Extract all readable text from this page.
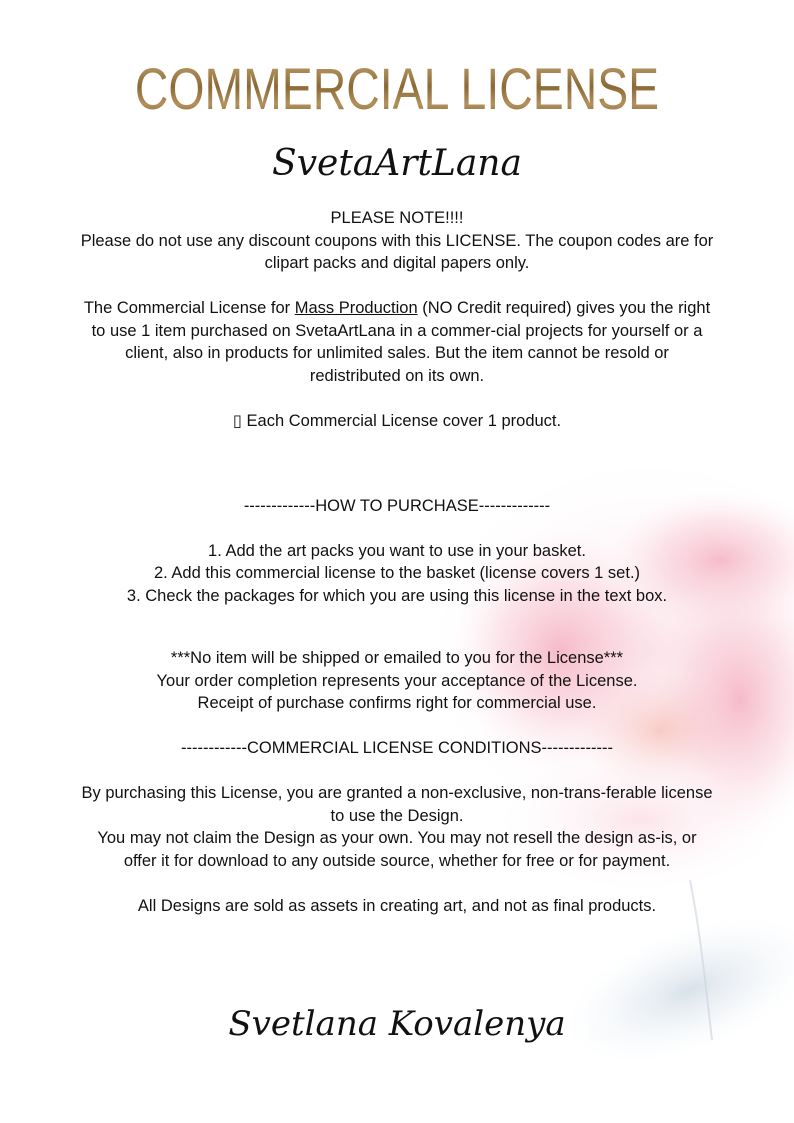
COMMERCIAL LICENSE
SvetaArtLana

PLEASE NOTE!!!!

Please do not use any discount coupons with this LICENSE. The coupon codes are for clipart packs and digital papers only.

The Commercial License for Mass Production (NO Credit required) gives you the right to use 1 item purchased on SvetaArtLana in a commer-cial projects for yourself or a client, also in products for unlimited sales. But the item cannot be resold or redistributed on its own.

▯ Each Commercial License cover 1 product.

-------------HOW TO PURCHASE-------------

1. Add the art packs you want to use in your basket.

2. Add this commercial license to the basket (license covers 1 set.)

3. Check the packages for which you are using this license in the text box.

***No item will be shipped or emailed to you for the License***

Your order completion represents your acceptance of the License.

Receipt of purchase confirms right for commercial use.

------------COMMERCIAL LICENSE CONDITIONS-------------

By purchasing this License, you are granted a non-exclusive, non-trans-ferable license to use the Design.

You may not claim the Design as your own. You may not resell the design as-is, or offer it for download to any outside source, whether for free or for payment.

All Designs are sold as assets in creating art, and not as final products.

Svetlana Kovalenya
